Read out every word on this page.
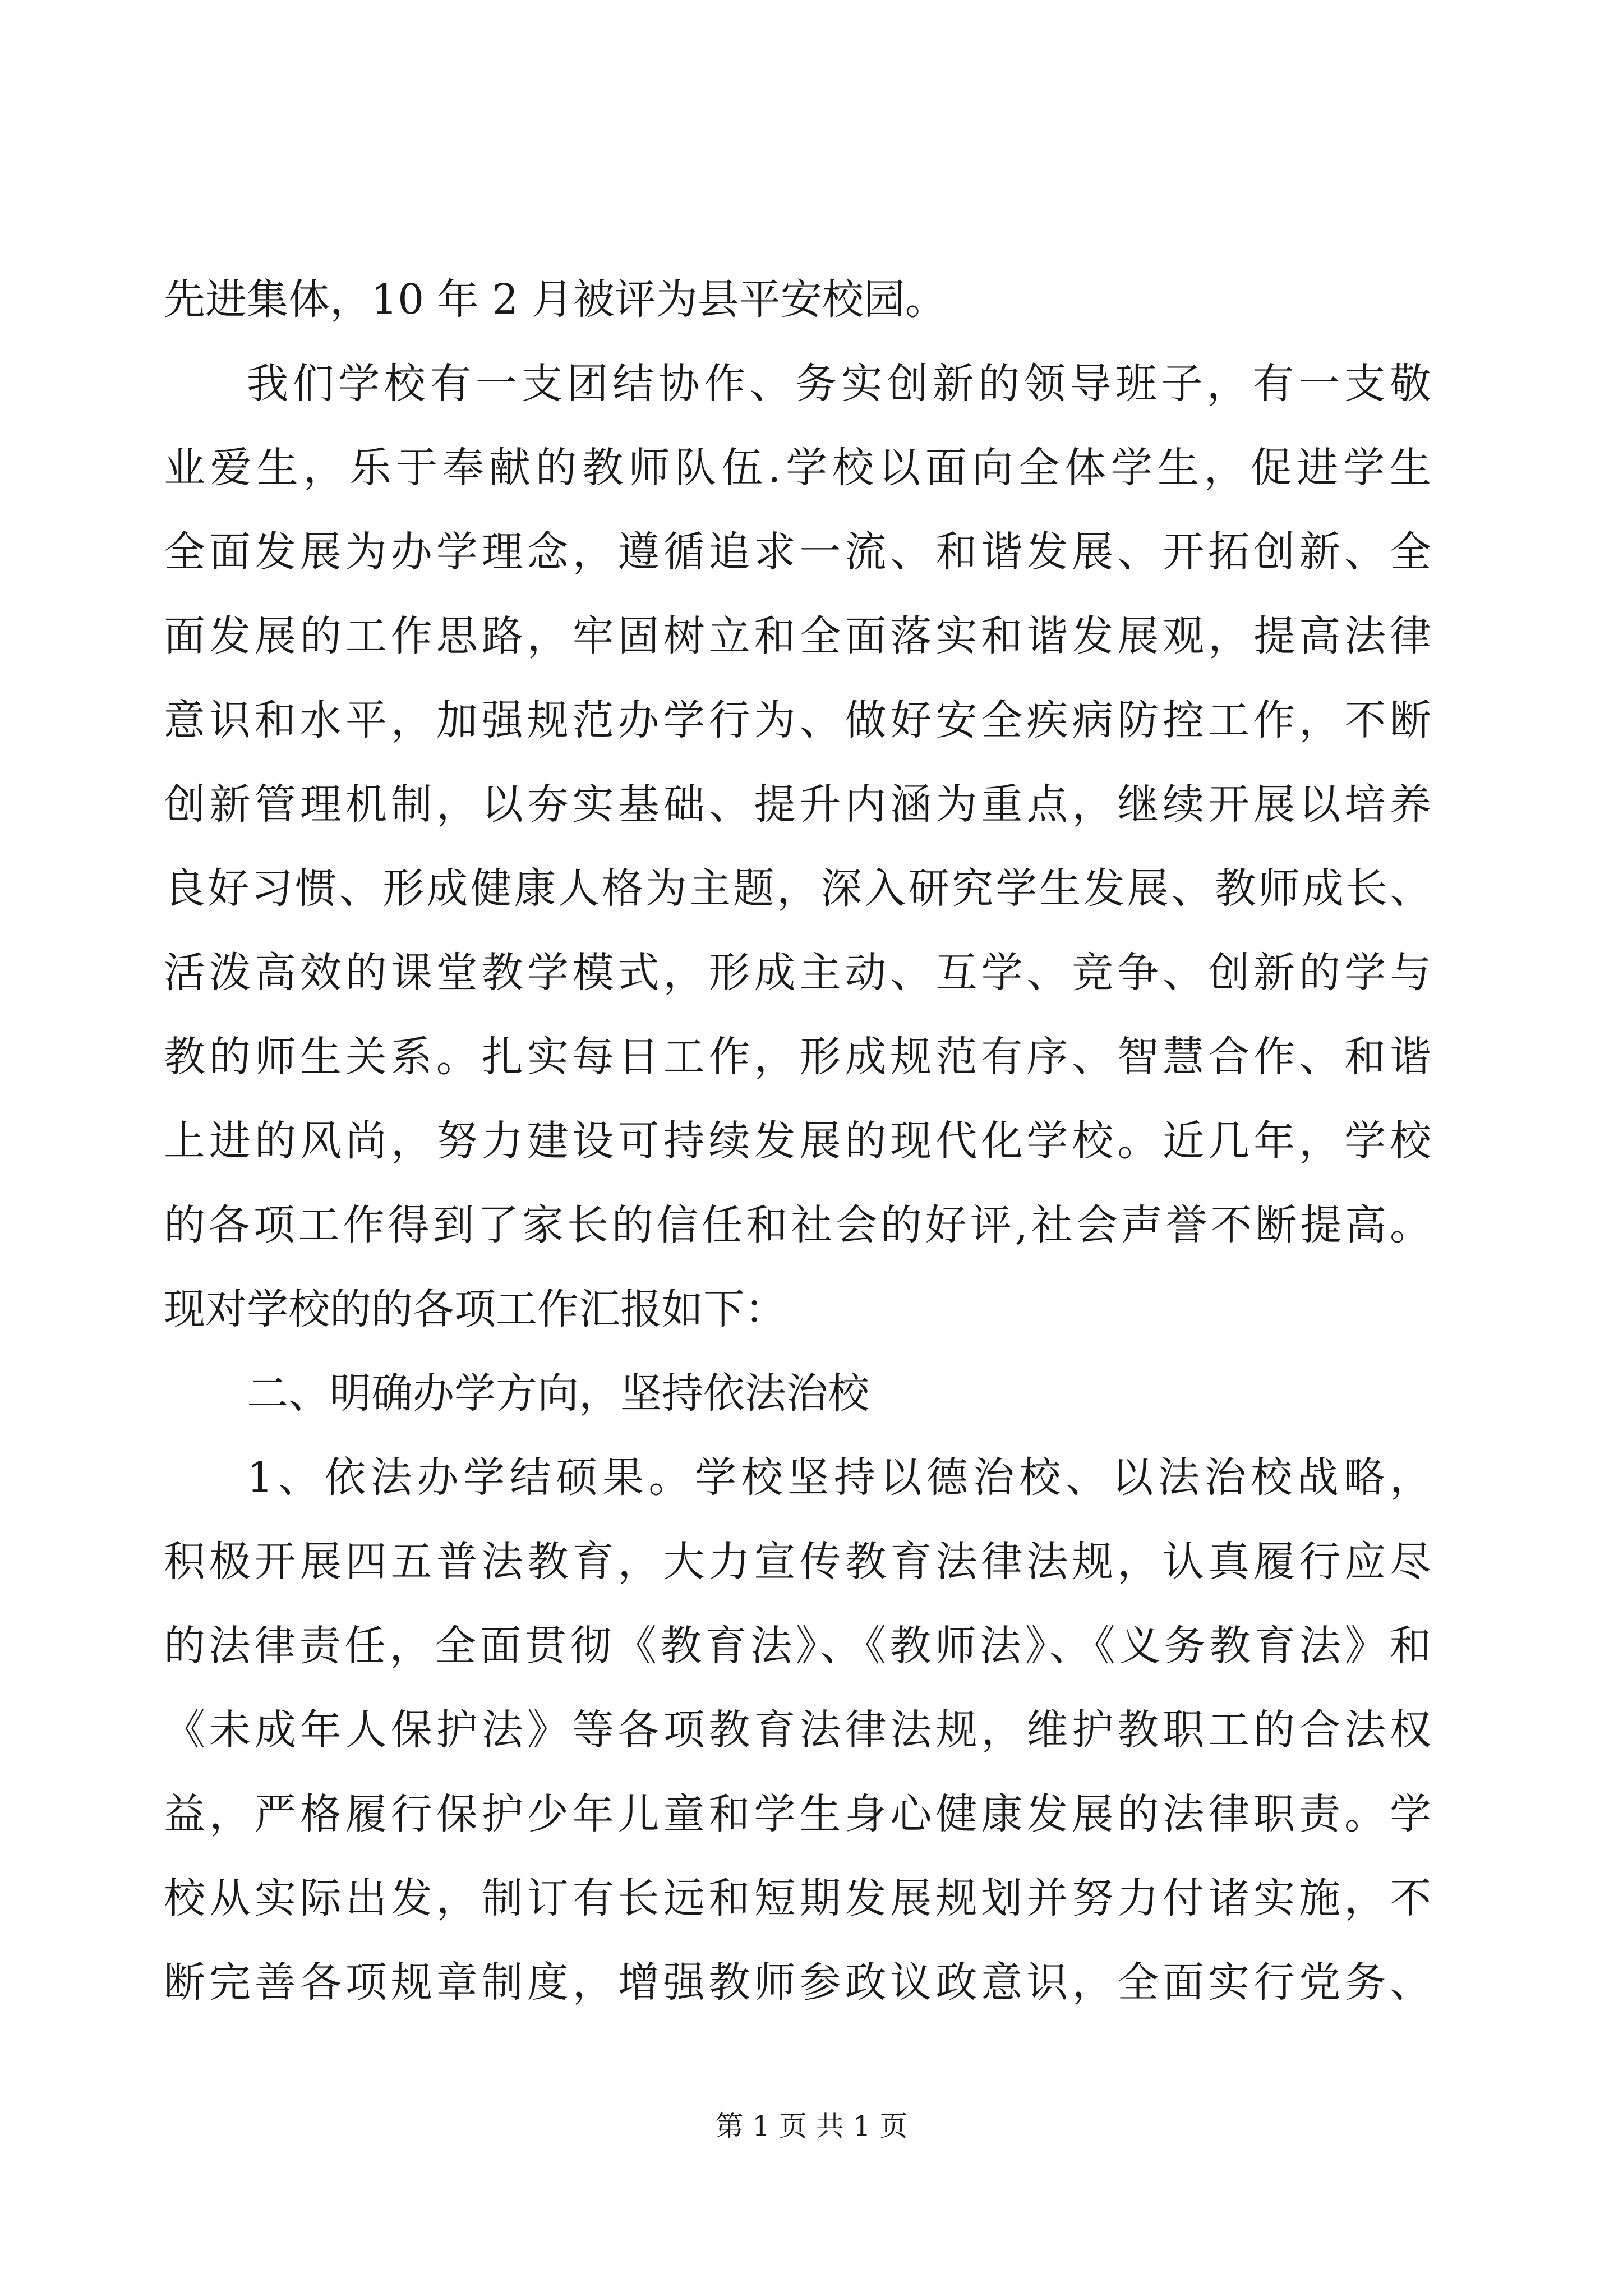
先进集体，10 年 2 月被评为县平安校园。
我们学校有一支团结协作、务实创新的领导班子，有一支敬
业爱生，乐于奉献的教师队伍.学校以面向全体学生，促进学生
全面发展为办学理念，遵循追求一流、和谐发展、开拓创新、全
面发展的工作思路，牢固树立和全面落实和谐发展观，提高法律
意识和水平，加强规范办学行为、做好安全疾病防控工作，不断
创新管理机制，以夯实基础、提升内涵为重点，继续开展以培养
良好习惯、形成健康人格为主题，深入研究学生发展、教师成长、
活泼高效的课堂教学模式，形成主动、互学、竞争、创新的学与
教的师生关系。扎实每日工作，形成规范有序、智慧合作、和谐
上进的风尚，努力建设可持续发展的现代化学校。近几年，学校
的各项工作得到了家长的信任和社会的好评,社会声誉不断提高。
现对学校的的各项工作汇报如下：
二、明确办学方向，坚持依法治校
1、依法办学结硕果。学校坚持以德治校、以法治校战略，
积极开展四五普法教育，大力宣传教育法律法规，认真履行应尽
的法律责任，全面贯彻《教育法》、《教师法》、《义务教育法》和
《未成年人保护法》等各项教育法律法规，维护教职工的合法权
益，严格履行保护少年儿童和学生身心健康发展的法律职责。学
校从实际出发，制订有长远和短期发展规划并努力付诸实施，不
断完善各项规章制度，增强教师参政议政意识，全面实行党务、
第 1 页 共 1 页
